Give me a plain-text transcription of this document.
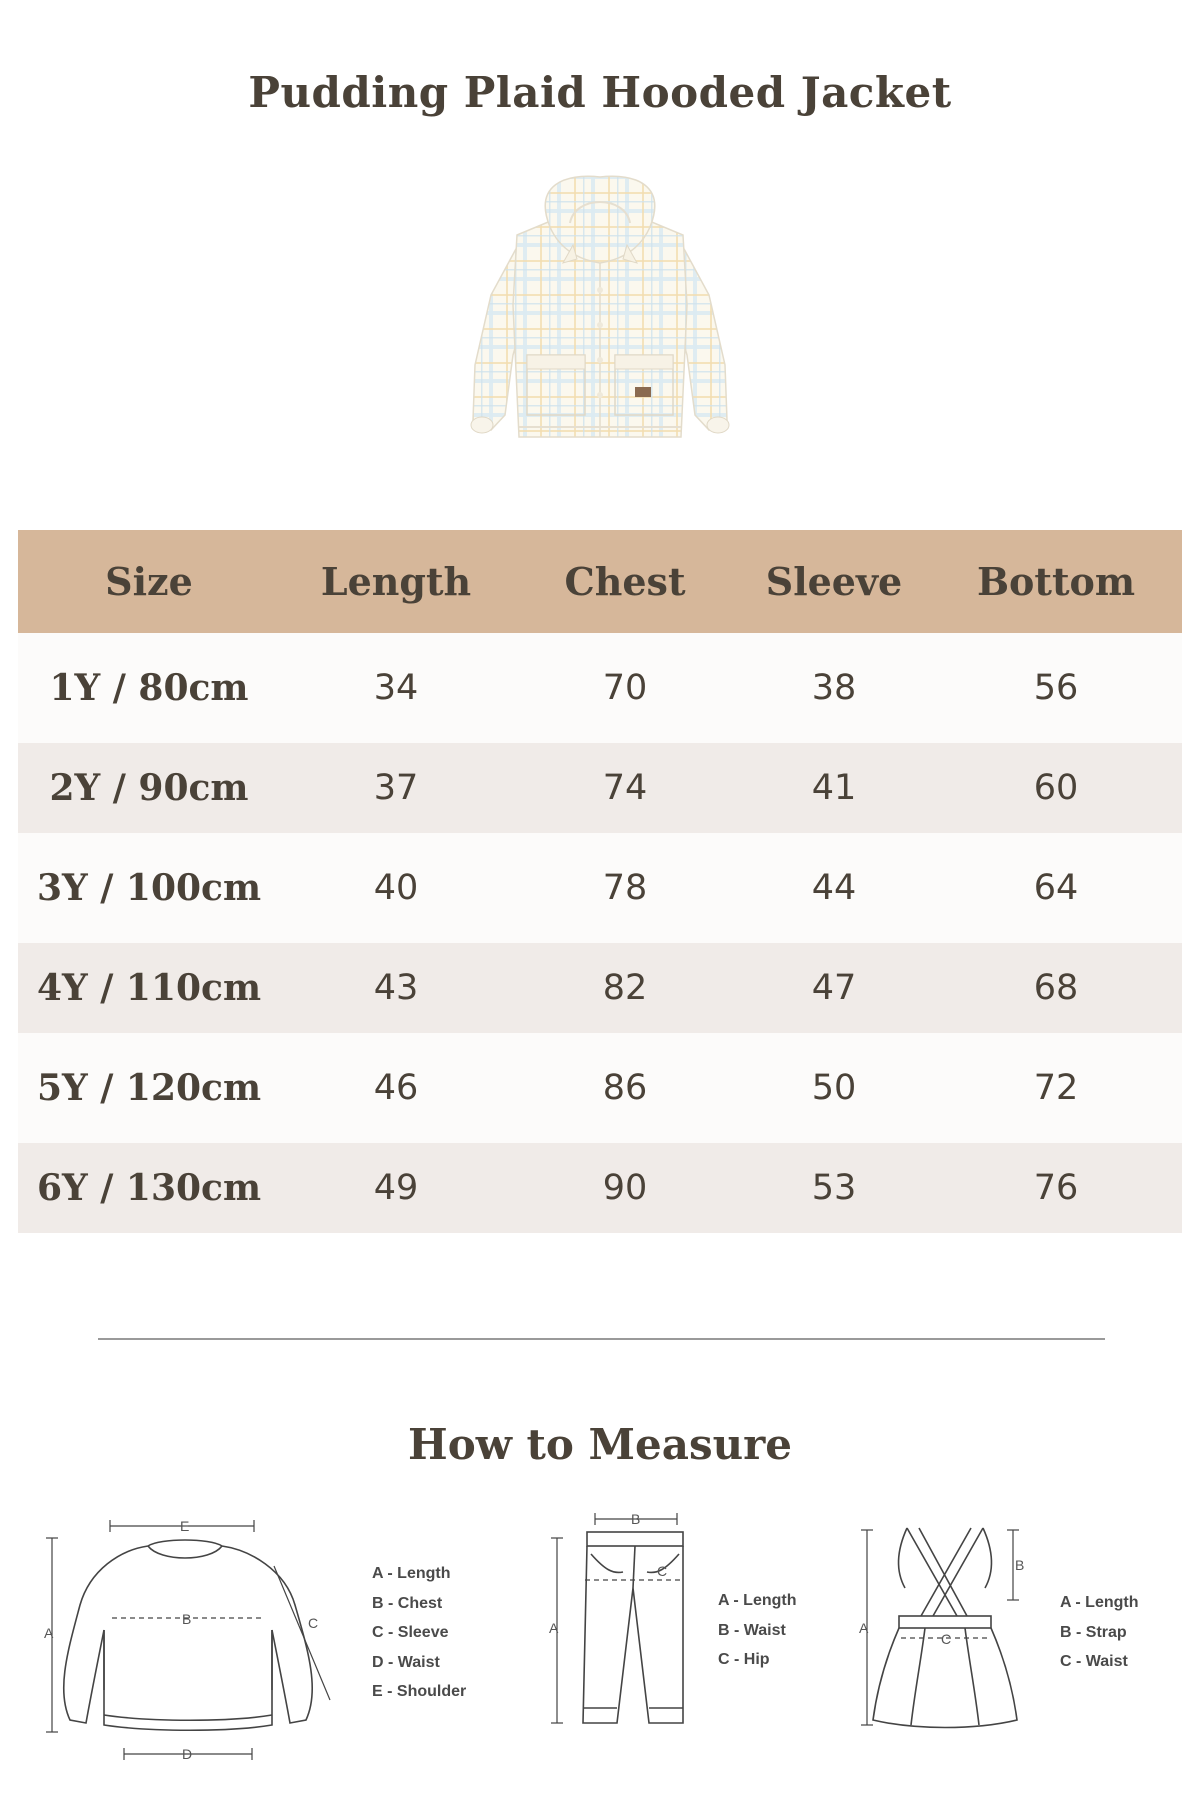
Pudding Plaid Hooded Jacket
Size	Length	Chest	Sleeve	Bottom
1Y / 80cm	34	70	38	56
2Y / 90cm	37	74	41	60
3Y / 100cm	40	78	44	64
4Y / 110cm	43	82	47	68
5Y / 120cm	46	86	50	72
6Y / 130cm	49	90	53	76
How to Measure
E
A
B	C
D
A - Length
B - Chest
C - Sleeve
D - Waist
E - Shoulder
B
A
C
A - Length
B - Waist
C - Hip
A
B
C
A - Length
B - Strap
C - Waist
